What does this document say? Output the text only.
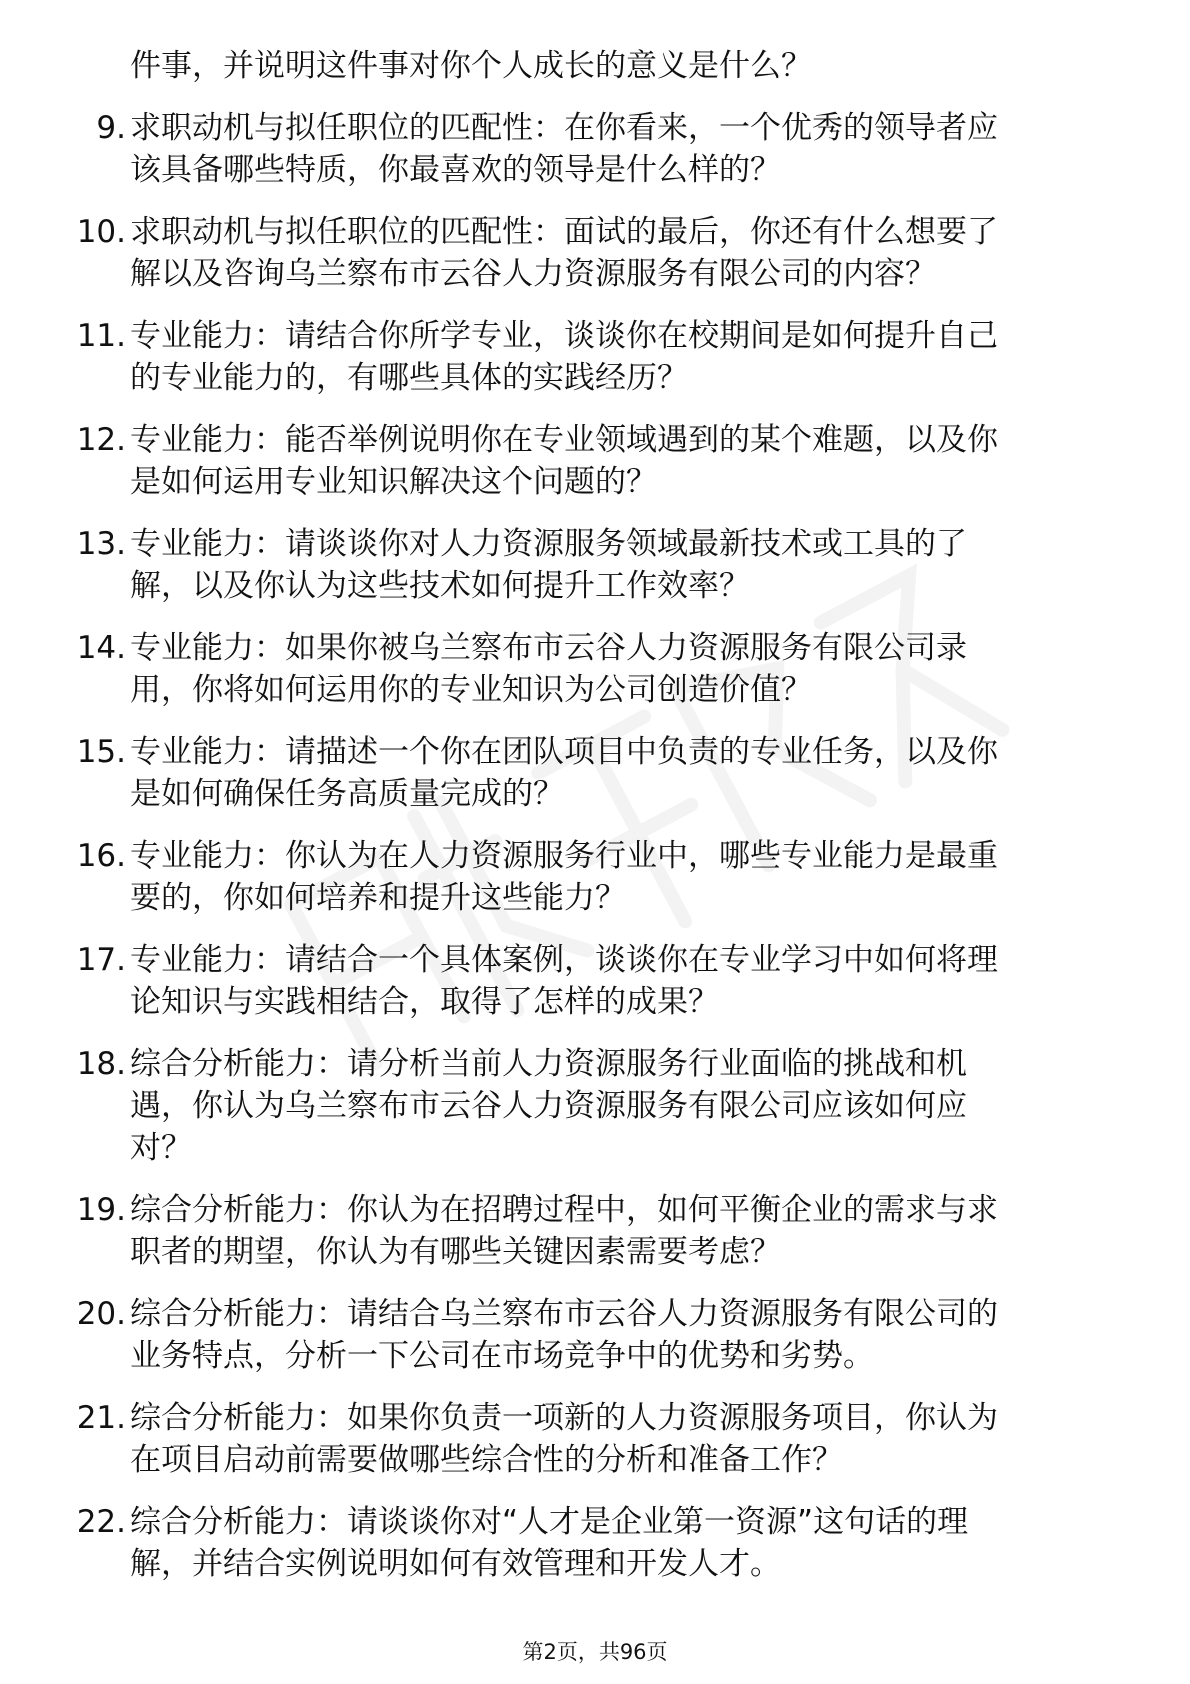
件事，并说明这件事对你个人成长的意义是什么？
9. 求职动机与拟任职位的匹配性：在你看来，一个优秀的领导者应
该具备哪些特质，你最喜欢的领导是什么样的？
10. 求职动机与拟任职位的匹配性：面试的最后，你还有什么想要了
解以及咨询乌兰察布市云谷人力资源服务有限公司的内容？
11. 专业能力：请结合你所学专业，谈谈你在校期间是如何提升自己
的专业能力的，有哪些具体的实践经历？
12. 专业能力：能否举例说明你在专业领域遇到的某个难题，以及你
是如何运用专业知识解决这个问题的？
13. 专业能力：请谈谈你对人力资源服务领域最新技术或工具的了
解，以及你认为这些技术如何提升工作效率？
14. 专业能力：如果你被乌兰察布市云谷人力资源服务有限公司录
用，你将如何运用你的专业知识为公司创造价值？
15. 专业能力：请描述一个你在团队项目中负责的专业任务，以及你
是如何确保任务高质量完成的？
16. 专业能力：你认为在人力资源服务行业中，哪些专业能力是最重
要的，你如何培养和提升这些能力？
17. 专业能力：请结合一个具体案例，谈谈你在专业学习中如何将理
论知识与实践相结合，取得了怎样的成果？
18. 综合分析能力：请分析当前人力资源服务行业面临的挑战和机
遇，你认为乌兰察布市云谷人力资源服务有限公司应该如何应
对？
19. 综合分析能力：你认为在招聘过程中，如何平衡企业的需求与求
职者的期望，你认为有哪些关键因素需要考虑？
20. 综合分析能力：请结合乌兰察布市云谷人力资源服务有限公司的
业务特点，分析一下公司在市场竞争中的优势和劣势。
21. 综合分析能力：如果你负责一项新的人力资源服务项目，你认为
在项目启动前需要做哪些综合性的分析和准备工作？
22. 综合分析能力：请谈谈你对“人才是企业第一资源”这句话的理
解，并结合实例说明如何有效管理和开发人才。
第2页，共96页
